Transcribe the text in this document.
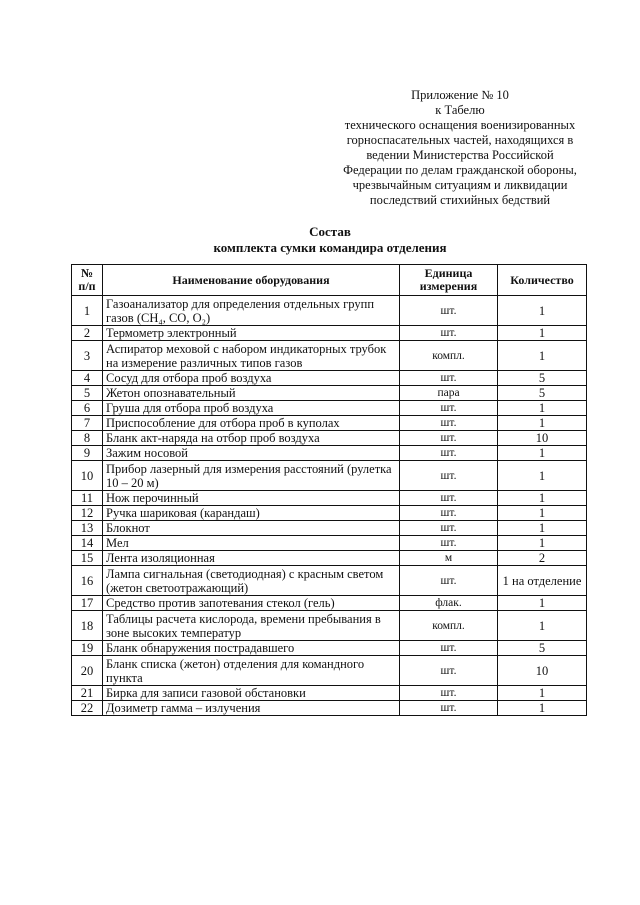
Приложение № 10
к Табелю
технического оснащения военизированных
горноспасательных частей, находящихся в
ведении Министерства Российской
Федерации по делам гражданской обороны,
чрезвычайным ситуациям и ликвидации
последствий стихийных бедствий
Состав
комплекта сумки командира отделения
№ п/п	Наименование оборудования	Единица измерения	Количество
1	Газоанализатор для определения отдельных групп газов (CH₄, CO, O₂)	шт.	1
2	Термометр электронный	шт.	1
3	Аспиратор меховой с набором индикаторных трубок на измерение различных типов газов	компл.	1
4	Сосуд для отбора проб воздуха	шт.	5
5	Жетон опознавательный	пара	5
6	Груша для отбора проб воздуха	шт.	1
7	Приспособление для отбора проб в куполах	шт.	1
8	Бланк акт-наряда на отбор проб воздуха	шт.	10
9	Зажим носовой	шт.	1
10	Прибор лазерный для измерения расстояний (рулетка 10 – 20 м)	шт.	1
11	Нож перочинный	шт.	1
12	Ручка шариковая (карандаш)	шт.	1
13	Блокнот	шт.	1
14	Мел	шт.	1
15	Лента изоляционная	м	2
16	Лампа сигнальная (светодиодная) с красным светом (жетон светоотражающий)	шт.	1 на отделение
17	Средство против запотевания стекол (гель)	флак.	1
18	Таблицы расчета кислорода, времени пребывания в зоне высоких температур	компл.	1
19	Бланк обнаружения пострадавшего	шт.	5
20	Бланк списка (жетон) отделения для командного пункта	шт.	10
21	Бирка для записи газовой обстановки	шт.	1
22	Дозиметр гамма – излучения	шт.	1
